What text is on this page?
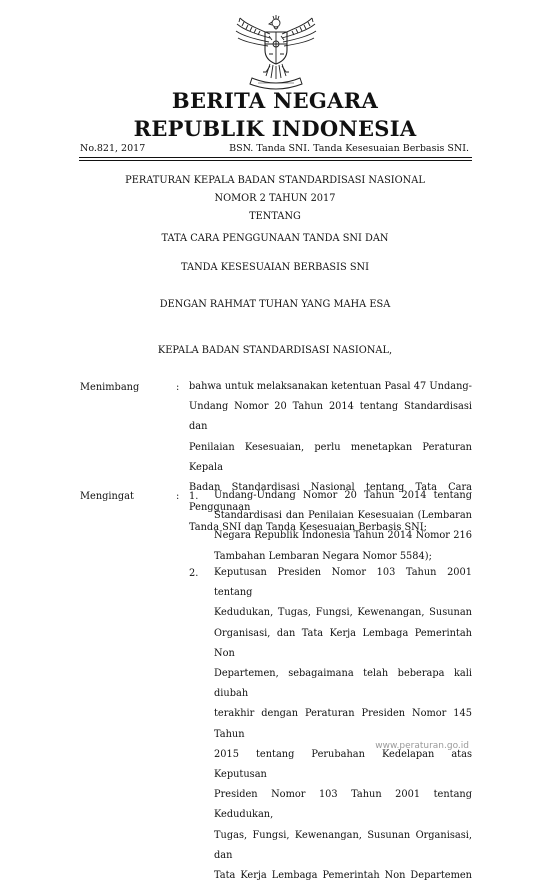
BERITA NEGARA
REPUBLIK INDONESIA
No.821, 2017	BSN. Tanda SNI. Tanda Kesesuaian Berbasis SNI.
PERATURAN KEPALA BADAN STANDARDISASI NASIONAL
NOMOR 2 TAHUN 2017
TENTANG
TATA CARA PENGGUNAAN TANDA SNI DAN
TANDA KESESUAIAN BERBASIS SNI
DENGAN RAHMAT TUHAN YANG MAHA ESA
KEPALA BADAN STANDARDISASI NASIONAL,
Menimbang	: bahwa untuk melaksanakan ketentuan Pasal 47 Undang-
Undang Nomor 20 Tahun 2014 tentang Standardisasi dan
Penilaian Kesesuaian, perlu menetapkan Peraturan Kepala
Badan Standardisasi Nasional tentang Tata Cara Penggunaan
Tanda SNI dan Tanda Kesesuaian Berbasis SNI;
Mengingat	: 1. Undang-Undang Nomor 20 Tahun 2014 tentang
Standardisasi dan Penilaian Kesesuaian (Lembaran
Negara Republik Indonesia Tahun 2014 Nomor 216
Tambahan Lembaran Negara Nomor 5584);
2. Keputusan Presiden Nomor 103 Tahun 2001 tentang
Kedudukan, Tugas, Fungsi, Kewenangan, Susunan
Organisasi, dan Tata Kerja Lembaga Pemerintah Non
Departemen, sebagaimana telah beberapa kali diubah
terakhir dengan Peraturan Presiden Nomor 145 Tahun
2015 tentang Perubahan Kedelapan atas Keputusan
Presiden Nomor 103 Tahun 2001 tentang Kedudukan,
Tugas, Fungsi, Kewenangan, Susunan Organisasi, dan
Tata Kerja Lembaga Pemerintah Non Departemen
www.peraturan.go.id
